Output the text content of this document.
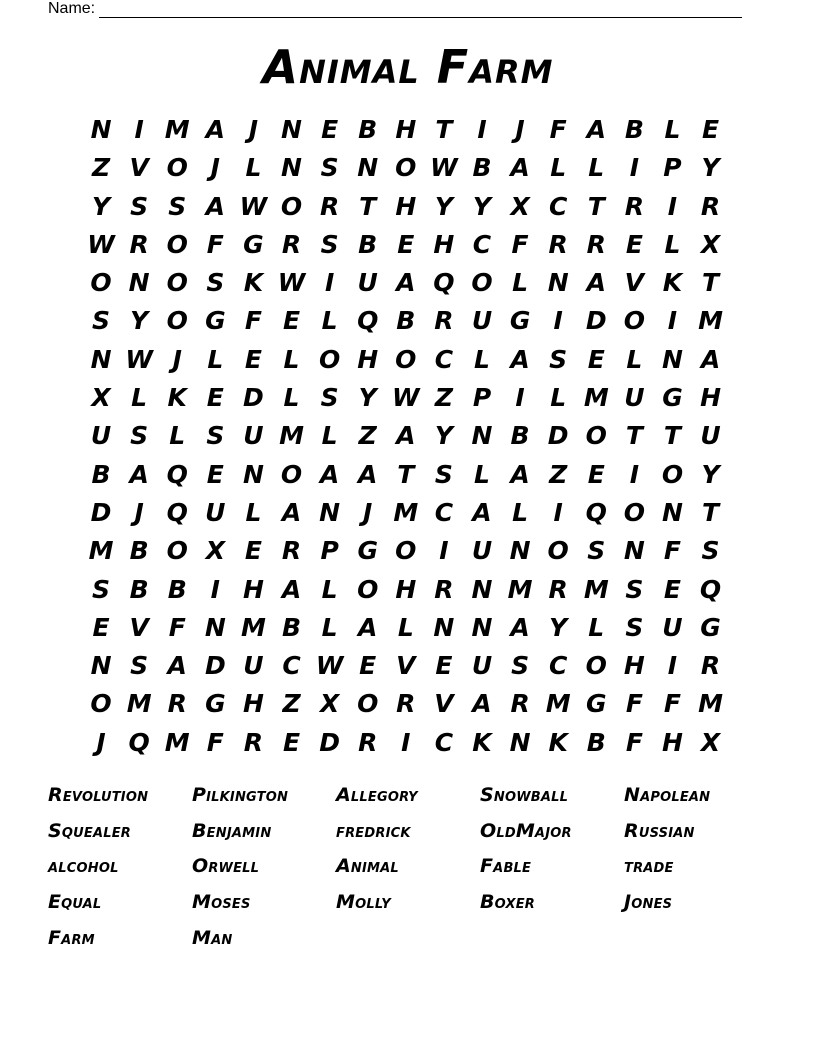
Name:
Animal Farm
N I M A J N E B H T I	J F A B L E
Z V O J	L N S N O W B A L L	I P Y
Y S S A W O R T H Y Y X C T R I R
W R O F G R S B E H C F R R E L X
O N O S K W I U A Q O L N A V K T
S Y O G F E L Q B R U G I D O I M
N W J	L E L O H O C L A S E L N A
X L K E D L S Y W Z P I	L M U G H
U S L S U M L Z A Y N B D O T T U
B A Q E N O A A T S L A Z E I O Y
D J Q U L A N J M C A L	I Q O N T
M B O X E R P G O I U N O S N F S
S B B I H A L O H R N M R M S E Q
E V F N M B L A L N N A Y L S U G
N S A D U C W E V E U S C O H I R
O M R G H Z X O R V A R M G F F M
J Q M F R E D R I C K N K B F H X
Revolution	Pilkington	Allegory	Snowball	Napolean
Squealer	Benjamin	fredrick	OldMajor	Russian
alcohol	Orwell	Animal	Fable	trade
Equal	Moses	Molly	Boxer	Jones
Farm	Man
